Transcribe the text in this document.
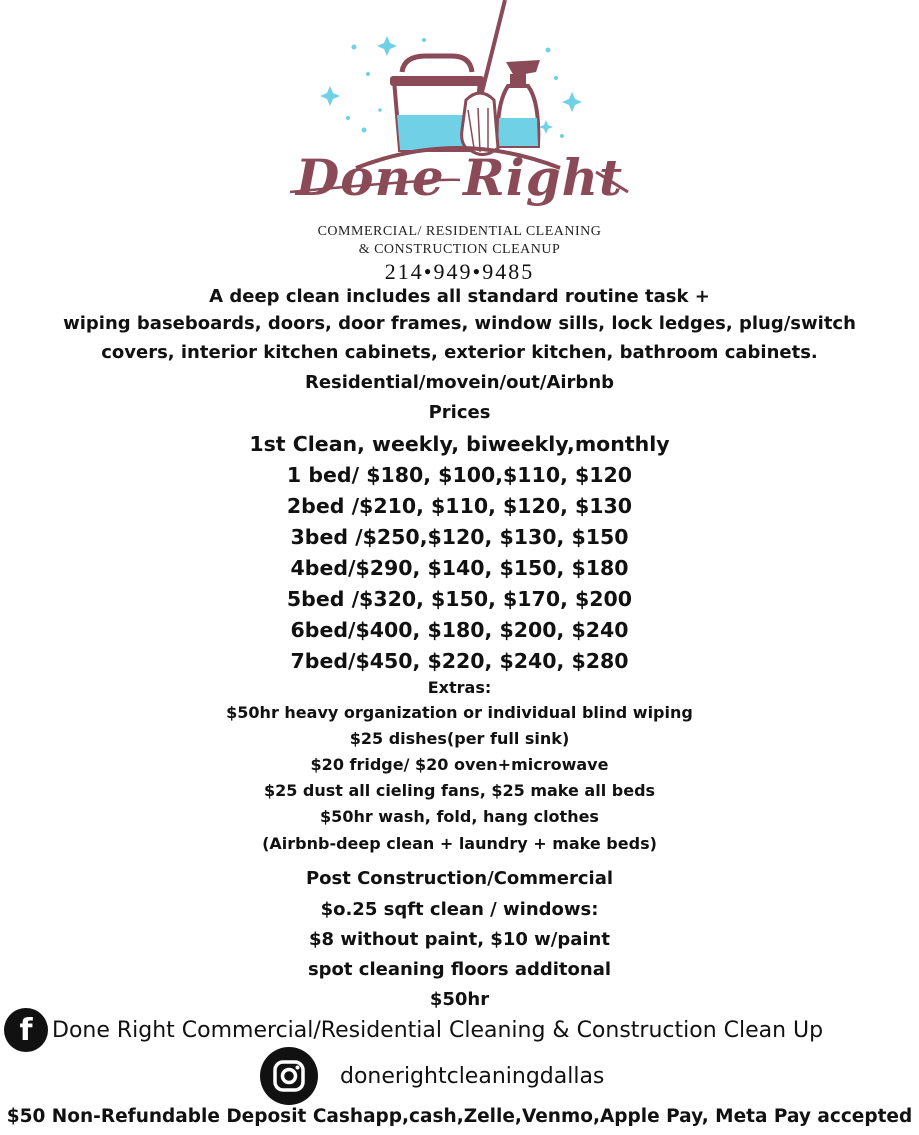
Done Right
COMMERCIAL/ RESIDENTIAL CLEANING
& CONSTRUCTION CLEANUP
214•949•9485
A deep clean includes all standard routine task +
wiping baseboards, doors, door frames, window sills, lock ledges, plug/switch
covers, interior kitchen cabinets, exterior kitchen, bathroom cabinets.
Residential/movein/out/Airbnb
Prices
1st Clean, weekly, biweekly,monthly
1 bed/ $180, $100,$110, $120
2bed /$210, $110, $120, $130
3bed /$250,$120, $130, $150
4bed/$290, $140, $150, $180
5bed /$320, $150, $170, $200
6bed/$400, $180, $200, $240
7bed/$450, $220, $240, $280
Extras:
$50hr heavy organization or individual blind wiping
$25 dishes(per full sink)
$20 fridge/ $20 oven+microwave
$25 dust all cieling fans, $25 make all beds
$50hr wash, fold, hang clothes
(Airbnb-deep clean + laundry + make beds)
Post Construction/Commercial
$o.25 sqft clean / windows:
$8 without paint, $10 w/paint
spot cleaning floors additonal
$50hr
f Done Right Commercial/Residential Cleaning & Construction Clean Up
donerightcleaningdallas
$50 Non-Refundable Deposit Cashapp,cash,Zelle,Venmo,Apple Pay, Meta Pay accepted
